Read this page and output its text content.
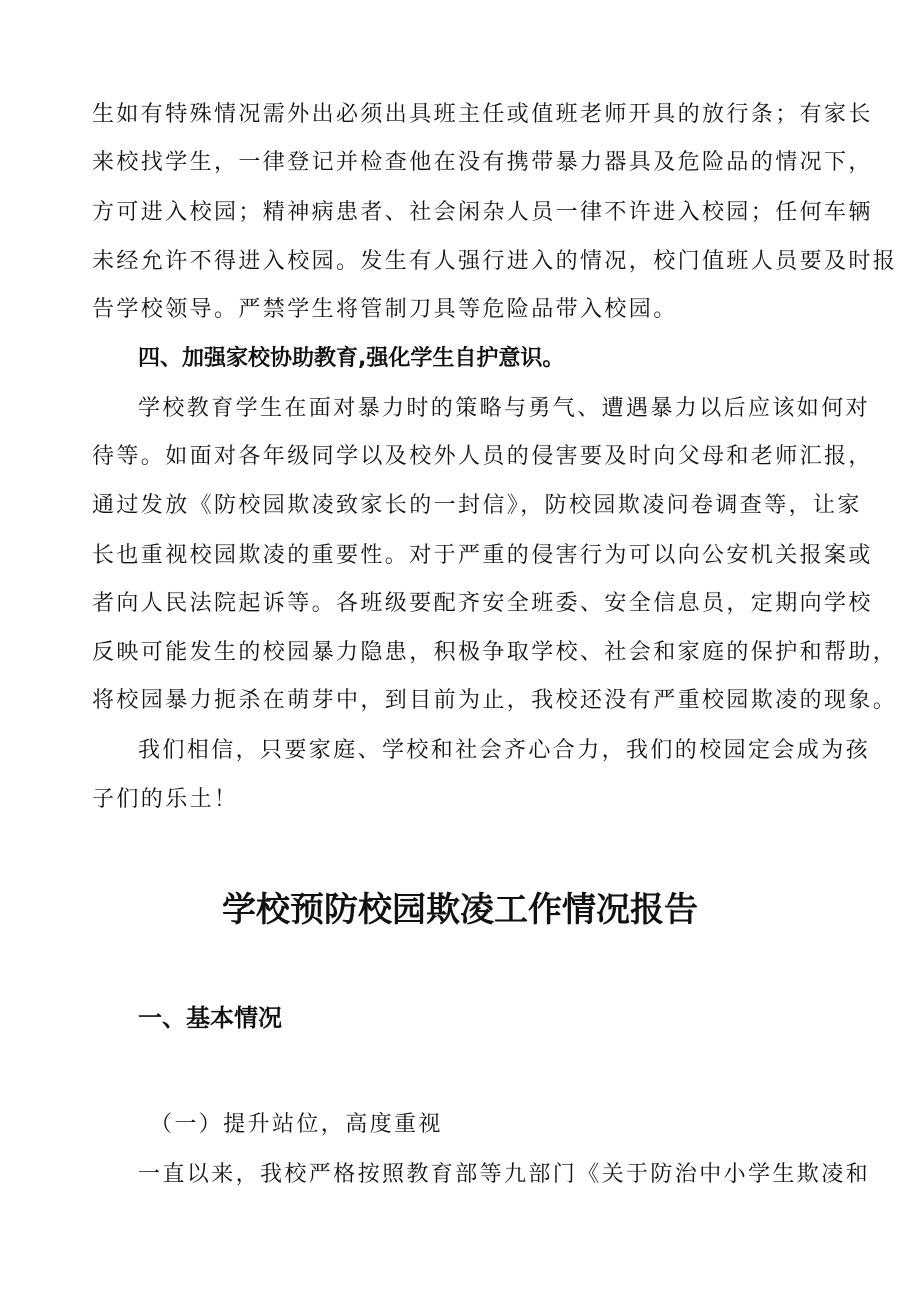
生如有特殊情况需外出必须出具班主任或值班老师开具的放行条；有家长
来校找学生，一律登记并检查他在没有携带暴力器具及危险品的情况下，
方可进入校园；精神病患者、社会闲杂人员一律不许进入校园；任何车辆
未经允许不得进入校园。发生有人强行进入的情况，校门值班人员要及时报
告学校领导。严禁学生将管制刀具等危险品带入校园。
四、加强家校协助教育,强化学生自护意识。
学校教育学生在面对暴力时的策略与勇气、遭遇暴力以后应该如何对
待等。如面对各年级同学以及校外人员的侵害要及时向父母和老师汇报，
通过发放《防校园欺凌致家长的一封信》，防校园欺凌问卷调查等，让家
长也重视校园欺凌的重要性。对于严重的侵害行为可以向公安机关报案或
者向人民法院起诉等。各班级要配齐安全班委、安全信息员，定期向学校
反映可能发生的校园暴力隐患，积极争取学校、社会和家庭的保护和帮助，
将校园暴力扼杀在萌芽中，到目前为止，我校还没有严重校园欺凌的现象。
我们相信，只要家庭、学校和社会齐心合力，我们的校园定会成为孩
子们的乐土！
学校预防校园欺凌工作情况报告
一、基本情况
（一）提升站位，高度重视
一直以来，我校严格按照教育部等九部门《关于防治中小学生欺凌和
